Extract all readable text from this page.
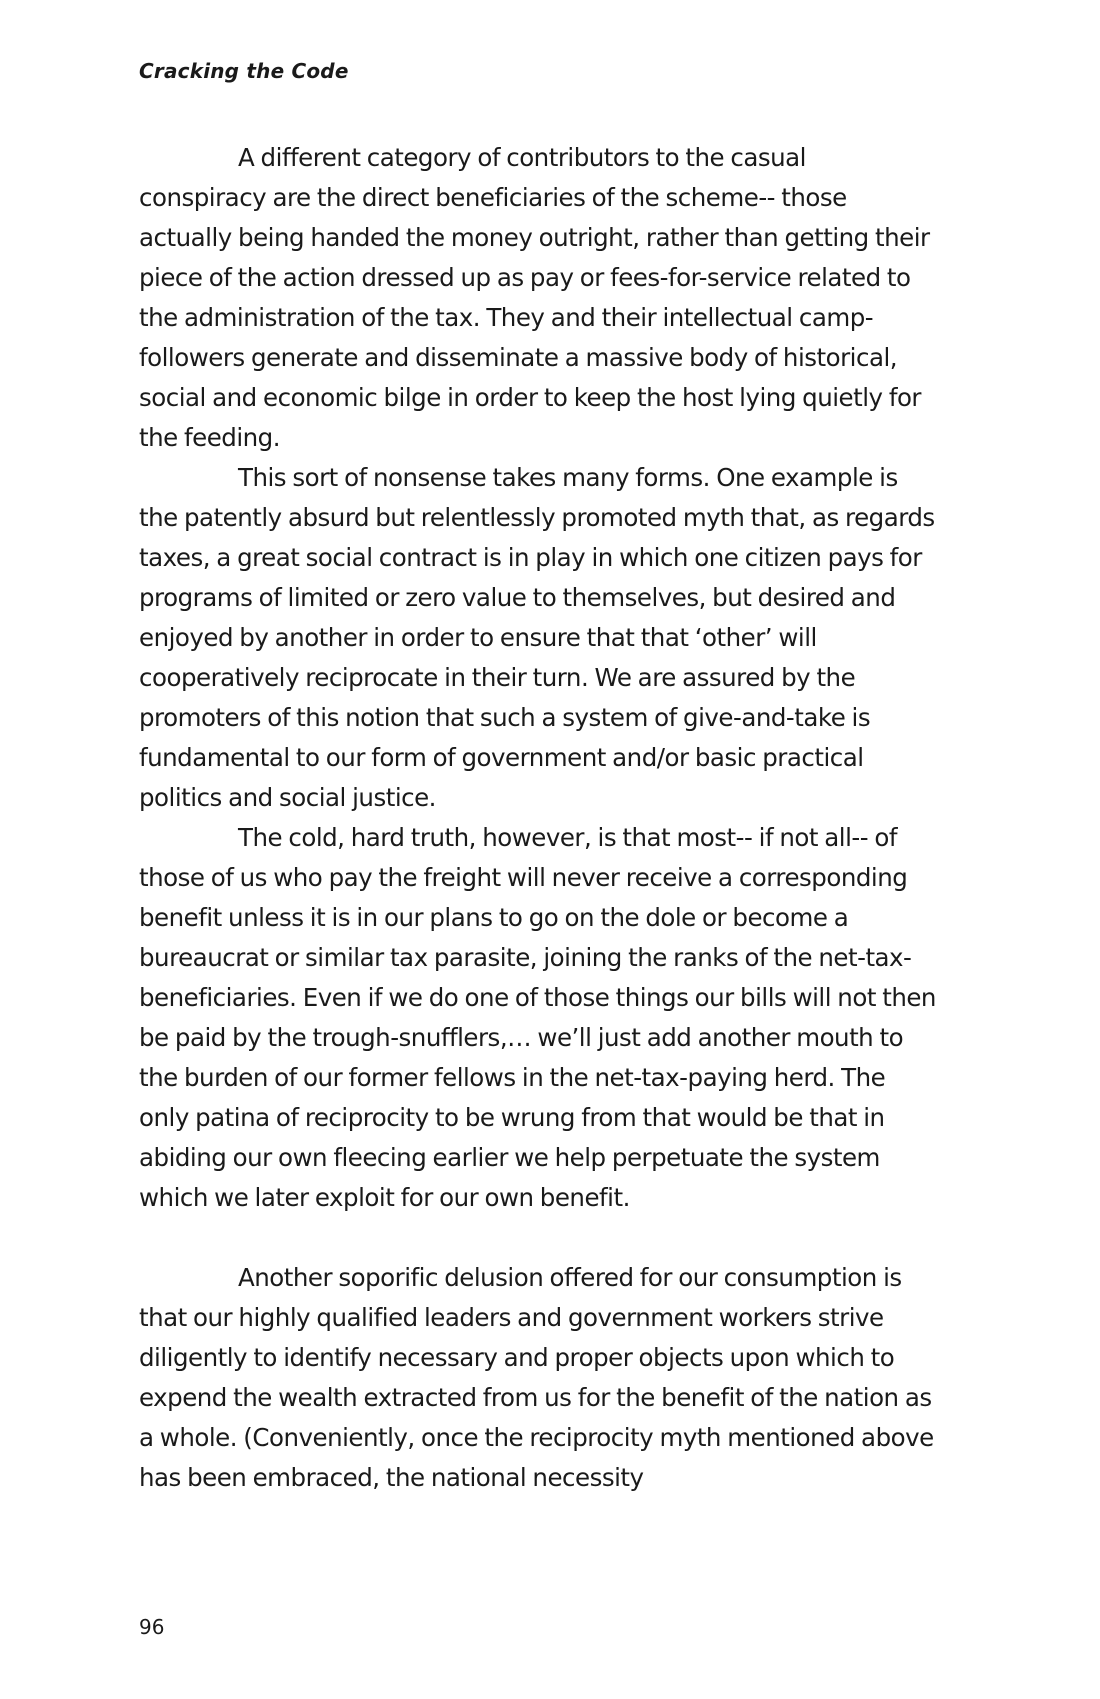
Cracking the Code

A different category of contributors to the casual conspiracy are the direct beneficiaries of the scheme-- those actually being handed the money outright, rather than getting their piece of the action dressed up as pay or fees-for-service related to the administration of the tax. They and their intellectual camp-followers generate and disseminate a massive body of historical, social and economic bilge in order to keep the host lying quietly for the feeding.

This sort of nonsense takes many forms. One example is the patently absurd but relentlessly promoted myth that, as regards taxes, a great social contract is in play in which one citizen pays for programs of limited or zero value to themselves, but desired and enjoyed by another in order to ensure that that ‘other’ will cooperatively reciprocate in their turn. We are assured by the promoters of this notion that such a system of give-and-take is fundamental to our form of government and/or basic practical politics and social justice.

The cold, hard truth, however, is that most-- if not all-- of those of us who pay the freight will never receive a corresponding benefit unless it is in our plans to go on the dole or become a bureaucrat or similar tax parasite, joining the ranks of the net-tax-beneficiaries. Even if we do one of those things our bills will not then be paid by the trough-snufflers,… we’ll just add another mouth to the burden of our former fellows in the net-tax-paying herd. The only patina of reciprocity to be wrung from that would be that in abiding our own fleecing earlier we help perpetuate the system which we later exploit for our own benefit.

Another soporific delusion offered for our consumption is that our highly qualified leaders and government workers strive diligently to identify necessary and proper objects upon which to expend the wealth extracted from us for the benefit of the nation as a whole. (Conveniently, once the reciprocity myth mentioned above has been embraced, the national necessity

96
